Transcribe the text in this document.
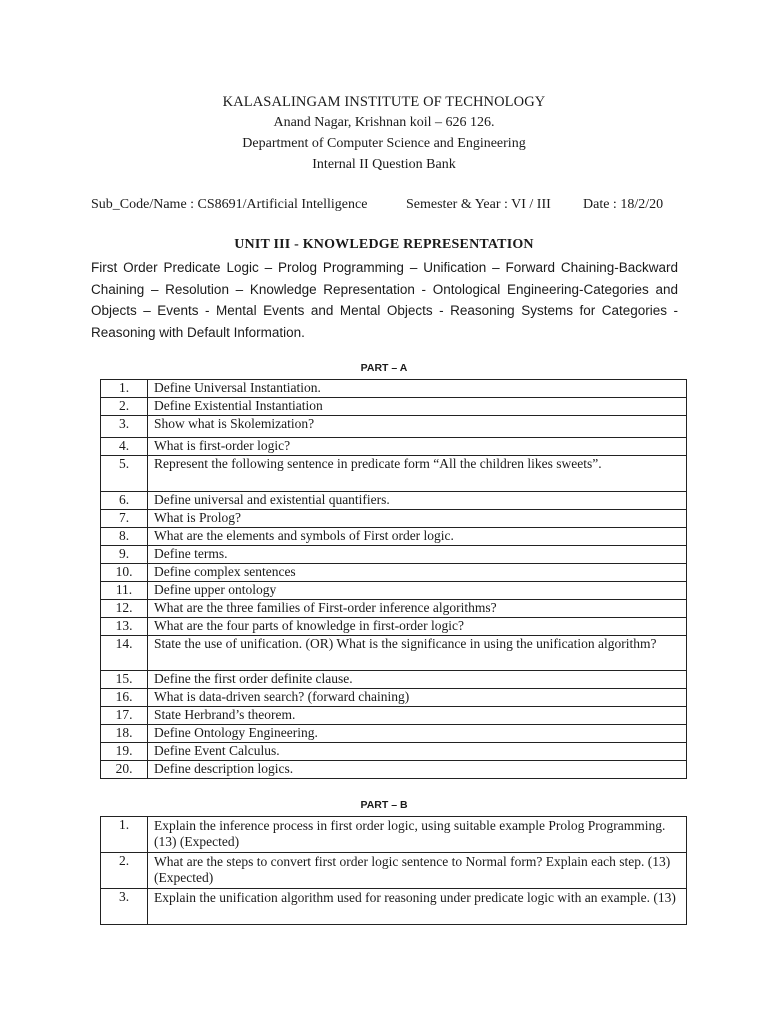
KALASALINGAM INSTITUTE OF TECHNOLOGY
Anand Nagar, Krishnan koil – 626 126.
Department of Computer Science and Engineering
Internal II Question Bank
Sub_Code/Name : CS8691/Artificial Intelligence	Semester & Year : VI / III Date : 18/2/20
UNIT III - KNOWLEDGE REPRESENTATION
First Order Predicate Logic – Prolog Programming – Unification – Forward Chaining-Backward Chaining – Resolution – Knowledge Representation - Ontological Engineering-Categories and Objects – Events - Mental Events and Mental Objects - Reasoning Systems for Categories - Reasoning with Default Information.
PART – A
1.	Define Universal Instantiation.
2.	Define Existential Instantiation
3.	Show what is Skolemization?
4.	What is first-order logic?
5.	Represent the following sentence in predicate form “All the children likes sweets”.
6.	Define universal and existential quantifiers.
7.	What is Prolog?
8.	What are the elements and symbols of First order logic.
9.	Define terms.
10.	Define complex sentences
11.	Define upper ontology
12.	What are the three families of First-order inference algorithms?
13.	What are the four parts of knowledge in first-order logic?
14.	State the use of unification. (OR) What is the significance in using the unification algorithm?
15.	Define the first order definite clause.
16.	What is data-driven search? (forward chaining)
17.	State Herbrand’s theorem.
18.	Define Ontology Engineering.
19.	Define Event Calculus.
20.	Define description logics.
PART – B
1.	Explain the inference process in first order logic, using suitable example Prolog Programming.(13) (Expected)
2.	What are the steps to convert first order logic sentence to Normal form? Explain each step. (13) (Expected)
3.	Explain the unification algorithm used for reasoning under predicate logic with an example. (13)
